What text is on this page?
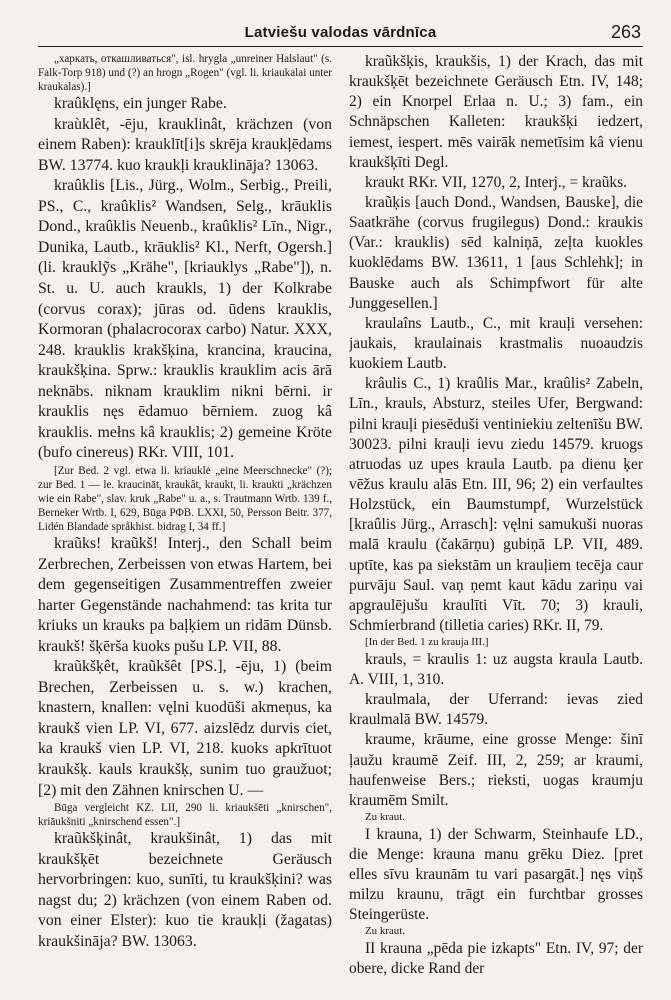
Latviešu valodas vārdnīca	263

„харкать, откашливаться", isl. hrygla „unreiner Halslaut" (s. Falk-Torp 918) und (?) an hrogn „Rogen" (vgl. li. kriaukalai unter kraukalas).]

kraûklęns, ein junger Rabe.

kraùklêt, -ēju, krauklinât, krächzen (von einem Raben): krauklīt[i]s skrēja kraukļēdams BW. 13774. kuo kraukļi krauklināja? 13063.

kraûklis [Lis., Jürg., Wolm., Serbig., Preili, PS., C., kraûklis² Wandsen, Selg., krāuklis Dond., kraûklis Neuenb., kraûklis² Līn., Nigr., Dunika, Lautb., krāuklis² Kl., Nerft, Ogersh.] (li. krauklỹs „Krähe", [kriauklys „Rabe"]), n. St. u. U. auch kraukls, 1) der Kolkrabe (corvus corax); jūras od. ūdens krauklis, Kormoran (phalacrocorax carbo) Natur. XXX, 248. krauklis krakšķina, krancina, kraucina, kraukšķina. Sprw.: krauklis krauklim acis ārā neknābs. niknam krauklim nikni bērni. ir krauklis nęs ēdamuo bērniem. zuog kâ krauklis. mełns kâ krauklis; 2) gemeine Kröte (bufo cinereus) RKr. VIII, 101.

[Zur Bed. 2 vgl. etwa li. kriauklė „eine Meerschnecke" (?); zur Bed. 1 — le. kraucināt, kraukât, kraukt, li. kraukti „krächzen wie ein Rabe", slav. kruk „Rabe" u. a., s. Trautmann Wrtb. 139 f., Berneker Wrtb. I, 629, Būga PΦB. LXXI, 50, Persson Beitr. 377, Lidén Blandade språkhist. bidrag I, 34 ff.]

kraũks! kraũkš! Interj., den Schall beim Zerbrechen, Zerbeissen von etwas Hartem, bei dem gegenseitigen Zusammentreffen zweier harter Gegenstände nachahmend: tas krita tur kriuks un krauks pa baļķiem un ridām Dünsb. kraukš! šķērša kuoks pušu LP. VII, 88.

kraũkšķêt, kraũkšêt [PS.], -ēju, 1) (beim Brechen, Zerbeissen u. s. w.) krachen, knastern, knallen: vęlni kuodūši akmeņus, ka kraukš vien LP. VI, 677. aizslēdz durvis ciet, ka kraukš vien LP. VI, 218. kuoks apkrītuot kraukšķ. kauls kraukšķ, sunim tuo graužuot; [2) mit den Zähnen knirschen U. —

Būga vergleicht KZ. LII, 290 li. kriaukšēti „knirschen", kriāukšniti „knirschend essen".]

kraũkšķinât, kraukšinât, 1) das mit kraukšķēt bezeichnete Geräusch hervorbringen: kuo, sunīti, tu kraukšķini? was nagst du; 2) krächzen (von einem Raben od. von einer Elster): kuo tie kraukļi (žagatas) kraukšināja? BW. 13063.

kraũkšķis, kraukšis, 1) der Krach, das mit kraukšķēt bezeichnete Geräusch Etn. IV, 148; 2) ein Knorpel Erlaa n. U.; 3) fam., ein Schnäpschen Kalleten: kraukšķi iedzert, iemest, iespert. mēs vairāk nemetīsim kâ vienu kraukšķīti Degl.

kraukt RKr. VII, 1270, 2, Interj., = kraũks.

kraũķis [auch Dond., Wandsen, Bauske], die Saatkrähe (corvus frugilegus) Dond.: kraukis (Var.: krauklis) sēd kalniņā, zeļta kuokles kuoklēdams BW. 13611, 1 [aus Schlehk]; in Bauske auch als Schimpfwort für alte Junggesellen.]

kraulaîns Lautb., C., mit krauļi versehen: jaukais, kraulainais krastmalis nuoaudzis kuokiem Lautb.

krâulis C., 1) kraûlis Mar., kraûlis² Zabeln, Līn., krauls, Absturz, steiles Ufer, Bergwand: pilni krauļi piesēduši ventiniekiu zeltenīšu BW. 30023. pilni krauļi ievu ziedu 14579. kruogs atruodas uz upes kraula Lautb. pa dienu ķer vēžus kraulu alās Etn. III, 96; 2) ein verfaultes Holzstück, ein Baumstumpf, Wurzelstück [kraûlis Jürg., Arrasch]: vęlni samukuši nuoras malā kraulu (čakārņu) gubiņā LP. VII, 489. uptīte, kas pa siekstām un krauļiem tecēja caur purvāju Saul. vaņ ņemt kaut kādu zariņu vai apgraulējušu kraulīti Vīt. 70; 3) krauli, Schmierbrand (tilletia caries) RKr. II, 79.

[In der Bed. 1 zu krauja III.]

krauls, = kraulis 1: uz augsta kraula Lautb. A. VIII, 1, 310.

kraulmala, der Uferrand: ievas zied kraulmalā BW. 14579.

kraume, krāume, eine grosse Menge: šinī ļaužu kraumē Zeif. III, 2, 259; ar kraumi, haufenweise Bers.; rieksti, uogas kraumju kraumēm Smilt.

Zu kraut.

I krauna, 1) der Schwarm, Steinhaufe LD., die Menge: krauna manu grēku Diez. [pret elles sīvu kraunām tu vari pasargāt.] nęs viņš milzu kraunu, trāgt ein furchtbar grosses Steingerüste.

Zu kraut.

II krauna „pēda pie izkapts" Etn. IV, 97; der obere, dicke Rand der
